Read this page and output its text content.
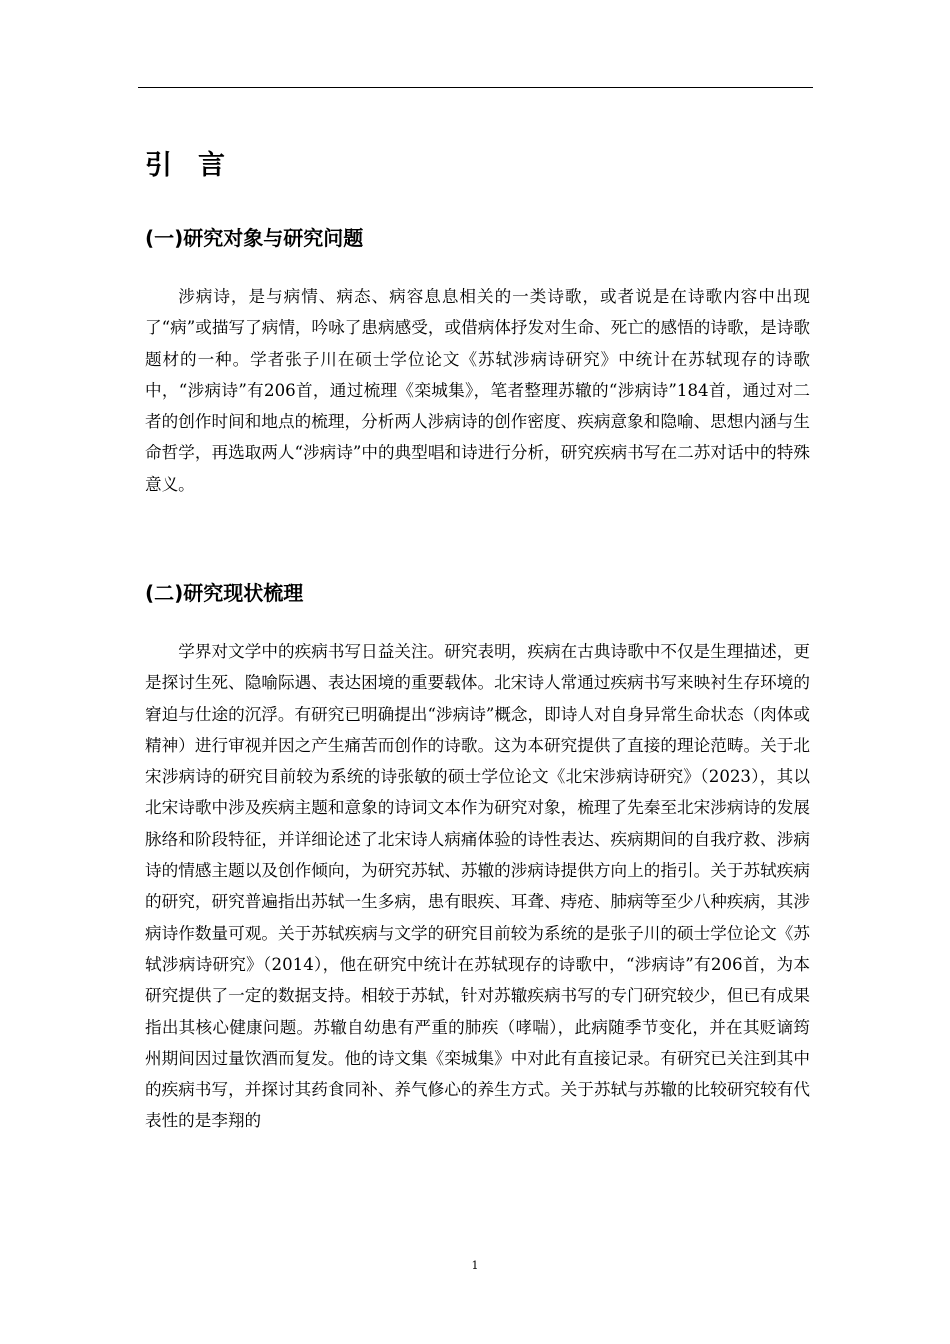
引言
(一)研究对象与研究问题

涉病诗，是与病情、病态、病容息息相关的一类诗歌，或者说是在诗歌内容中出现了“病”或描写了病情，吟咏了患病感受，或借病体抒发对生命、死亡的感悟的诗歌，是诗歌题材的一种。学者张子川在硕士学位论文《苏轼涉病诗研究》中统计在苏轼现存的诗歌中，“涉病诗”有206首，通过梳理《栾城集》，笔者整理苏辙的“涉病诗”184首，通过对二者的创作时间和地点的梳理，分析两人涉病诗的创作密度、疾病意象和隐喻、思想内涵与生命哲学，再选取两人“涉病诗”中的典型唱和诗进行分析，研究疾病书写在二苏对话中的特殊意义。

(二)研究现状梳理

学界对文学中的疾病书写日益关注。研究表明，疾病在古典诗歌中不仅是生理描述，更是探讨生死、隐喻际遇、表达困境的重要载体。北宋诗人常通过疾病书写来映衬生存环境的窘迫与仕途的沉浮。有研究已明确提出“涉病诗”概念，即诗人对自身异常生命状态（肉体或精神）进行审视并因之产生痛苦而创作的诗歌。这为本研究提供了直接的理论范畴。关于北宋涉病诗的研究目前较为系统的诗张敏的硕士学位论文《北宋涉病诗研究》（2023），其以北宋诗歌中涉及疾病主题和意象的诗词文本作为研究对象，梳理了先秦至北宋涉病诗的发展脉络和阶段特征，并详细论述了北宋诗人病痛体验的诗性表达、疾病期间的自我疗救、涉病诗的情感主题以及创作倾向，为研究苏轼、苏辙的涉病诗提供方向上的指引。关于苏轼疾病的研究，研究普遍指出苏轼一生多病，患有眼疾、耳聋、痔疮、肺病等至少八种疾病，其涉病诗作数量可观。关于苏轼疾病与文学的研究目前较为系统的是张子川的硕士学位论文《苏轼涉病诗研究》（2014），他在研究中统计在苏轼现存的诗歌中，“涉病诗”有206首，为本研究提供了一定的数据支持。相较于苏轼，针对苏辙疾病书写的专门研究较少，但已有成果指出其核心健康问题。苏辙自幼患有严重的肺疾（哮喘），此病随季节变化，并在其贬谪筠州期间因过量饮酒而复发。他的诗文集《栾城集》中对此有直接记录。有研究已关注到其中的疾病书写，并探讨其药食同补、养气修心的养生方式。关于苏轼与苏辙的比较研究较有代表性的是李翔的

1
